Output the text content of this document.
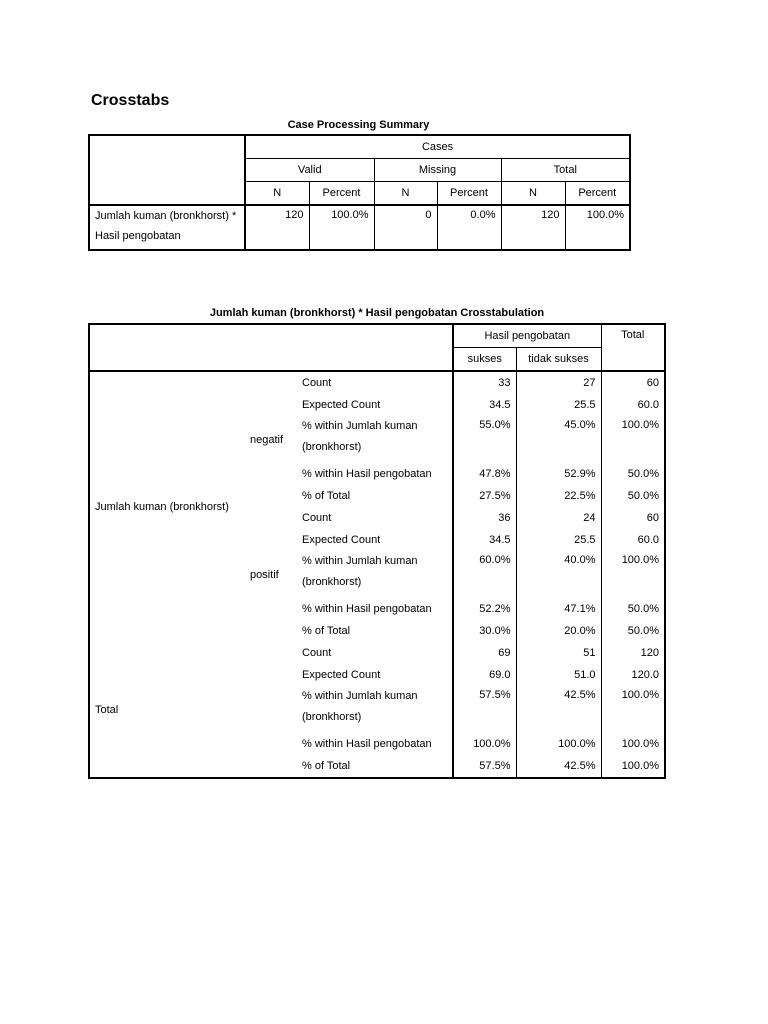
Crosstabs
Case Processing Summary
	Cases					
	Valid		Missing		Total	
	N	Percent	N	Percent	N	Percent
Jumlah kuman (bronkhorst) *
Hasil pengobatan	120	100.0%	0	0.0%	120	100.0%
Jumlah kuman (bronkhorst) * Hasil pengobatan Crosstabulation
			Hasil pengobatan		Total
			sukses	tidak sukses	
Jumlah kuman (bronkhorst)	negatif	Count	33	27	60
		Expected Count	34.5	25.5	60.0
		% within Jumlah kuman
(bronkhorst)	55.0%	45.0%	100.0%
		% within Hasil pengobatan	47.8%	52.9%	50.0%
		% of Total	27.5%	22.5%	50.0%
	positif	Count	36	24	60
		Expected Count	34.5	25.5	60.0
		% within Jumlah kuman
(bronkhorst)	60.0%	40.0%	100.0%
		% within Hasil pengobatan	52.2%	47.1%	50.0%
		% of Total	30.0%	20.0%	50.0%
Total		Count	69	51	120
		Expected Count	69.0	51.0	120.0
		% within Jumlah kuman
(bronkhorst)	57.5%	42.5%	100.0%
		% within Hasil pengobatan	100.0%	100.0%	100.0%
		% of Total	57.5%	42.5%	100.0%
